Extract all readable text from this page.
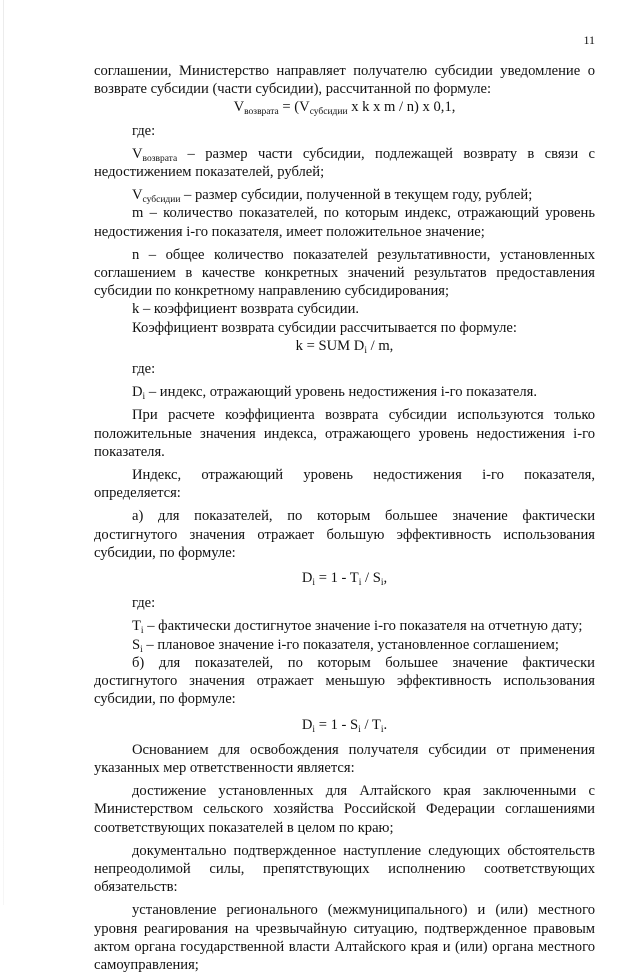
11

соглашении, Министерство направляет получателю субсидии уведомление о возврате субсидии (части субсидии), рассчитанной по формуле:

$V_{возврата} = (V_{субсидии}$ x k x m / n) x 0,1,

где:

$V_{возврата}$ – размер части субсидии, подлежащей возврату в связи с недостижением показателей, рублей;

$V_{субсидии}$ – размер субсидии, полученной в текущем году, рублей;

m – количество показателей, по которым индекс, отражающий уровень недостижения i-го показателя, имеет положительное значение;

n – общее количество показателей результативности, установленных соглашением в качестве конкретных значений результатов предоставления субсидии по конкретному направлению субсидирования;

k – коэффициент возврата субсидии.

Коэффициент возврата субсидии рассчитывается по формуле:

k = SUM $D_i$ / m,

где:

$D_i$ – индекс, отражающий уровень недостижения i-го показателя.

При расчете коэффициента возврата субсидии используются только положительные значения индекса, отражающего уровень недостижения i-го показателя.

Индекс, отражающий уровень недостижения i-го показателя, определяется:

а) для показателей, по которым большее значение фактически достигнутого значения отражает большую эффективность использования субсидии, по формуле:

$D_i = 1 - T_i / S_i$,

где:

$T_i$ – фактически достигнутое значение i-го показателя на отчетную дату;

$S_i$ – плановое значение i-го показателя, установленное соглашением;

б) для показателей, по которым большее значение фактически достигнутого значения отражает меньшую эффективность использования субсидии, по формуле:

$D_i = 1 - S_i / T_i$.

Основанием для освобождения получателя субсидии от применения указанных мер ответственности является:

достижение установленных для Алтайского края заключенными с Министерством сельского хозяйства Российской Федерации соглашениями соответствующих показателей в целом по краю;

документально подтвержденное наступление следующих обстоятельств непреодолимой силы, препятствующих исполнению соответствующих обязательств:

установление регионального (межмуниципального) и (или) местного уровня реагирования на чрезвычайную ситуацию, подтвержденное правовым актом органа государственной власти Алтайского края и (или) органа местного самоуправления;
